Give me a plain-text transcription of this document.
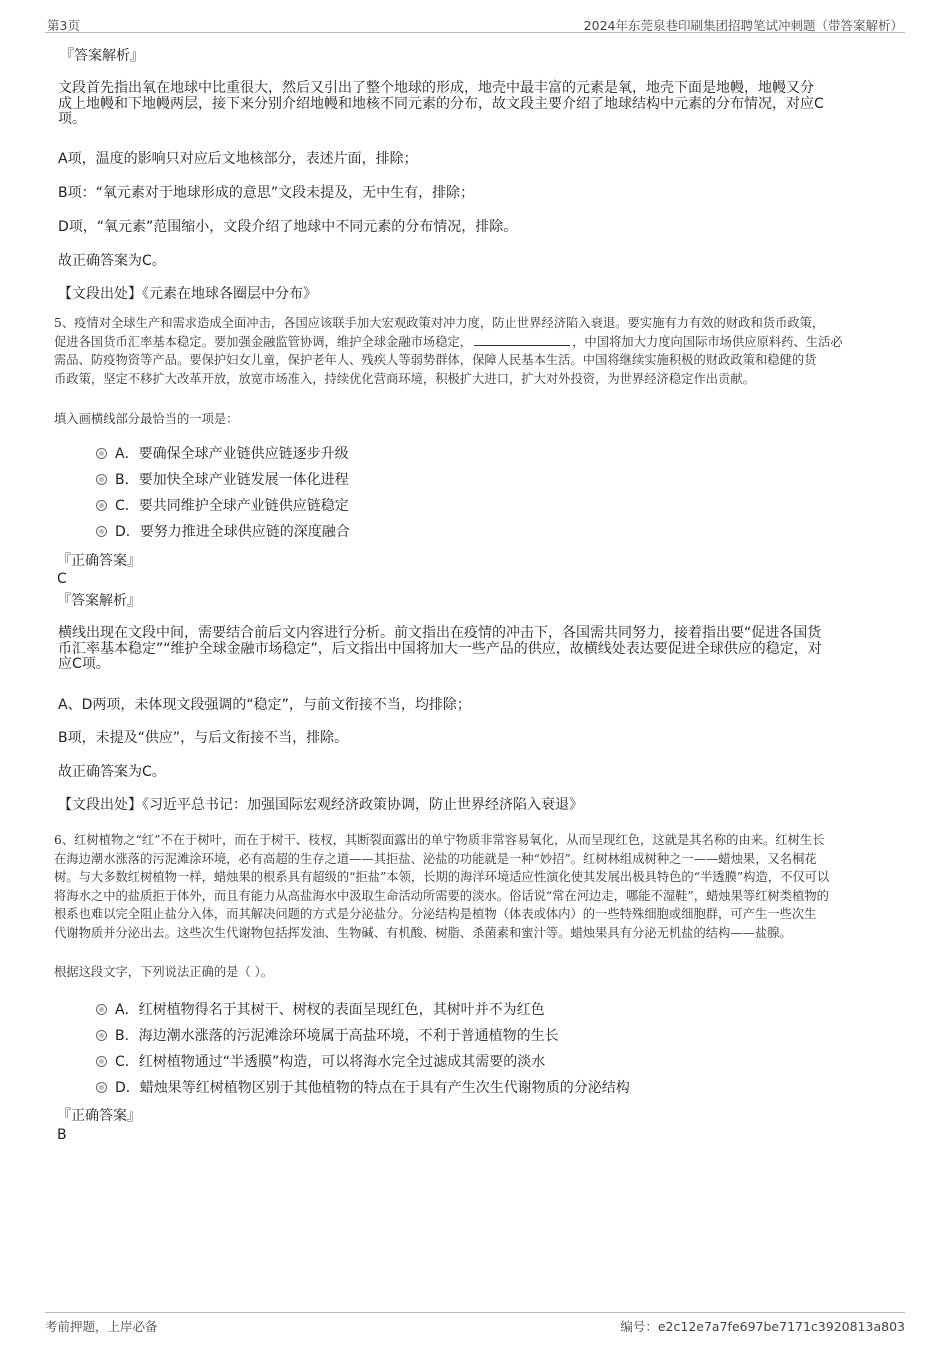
第3页	2024年东莞泉巷印刷集团招聘笔试冲刺题（带答案解析）
『答案解析』
文段首先指出氧在地球中比重很大，然后又引出了整个地球的形成，地壳中最丰富的元素是氧，地壳下面是地幔，地幔又分
成上地幔和下地幔两层，接下来分别介绍地幔和地核不同元素的分布，故文段主要介绍了地球结构中元素的分布情况，对应C
项。
A项，温度的影响只对应后文地核部分，表述片面，排除；
B项：“氧元素对于地球形成的意思”文段未提及，无中生有，排除；
D项，“氧元素”范围缩小，文段介绍了地球中不同元素的分布情况，排除。
故正确答案为C。
【文段出处】《元素在地球各圈层中分布》
5、疫情对全球生产和需求造成全面冲击，各国应该联手加大宏观政策对冲力度，防止世界经济陷入衰退。要实施有力有效的财政和货币政策，
促进各国货币汇率基本稳定。要加强金融监管协调，维护全球金融市场稳定，	，中国将加大力度向国际市场供应原料药、生活必
需品、防疫物资等产品。要保护妇女儿童，保护老年人、残疾人等弱势群体，保障人民基本生活。中国将继续实施积极的财政政策和稳健的货
币政策，坚定不移扩大改革开放，放宽市场准入，持续优化营商环境，积极扩大进口，扩大对外投资，为世界经济稳定作出贡献。
填入画横线部分最恰当的一项是：
A．要确保全球产业链供应链逐步升级
B．要加快全球产业链发展一体化进程
C．要共同维护全球产业链供应链稳定
D．要努力推进全球供应链的深度融合
『正确答案』
C
『答案解析』
横线出现在文段中间，需要结合前后文内容进行分析。前文指出在疫情的冲击下，各国需共同努力，接着指出要“促进各国货
币汇率基本稳定”“维护全球金融市场稳定”，后文指出中国将加大一些产品的供应，故横线处表达要促进全球供应的稳定，对
应C项。
A、D两项，未体现文段强调的“稳定”，与前文衔接不当，均排除；
B项，未提及“供应”，与后文衔接不当，排除。
故正确答案为C。
【文段出处】《习近平总书记：加强国际宏观经济政策协调，防止世界经济陷入衰退》
6、红树植物之“红”不在于树叶，而在于树干、枝杈，其断裂面露出的单宁物质非常容易氧化，从而呈现红色，这就是其名称的由来。红树生长
在海边潮水涨落的污泥滩涂环境，必有高超的生存之道——其拒盐、泌盐的功能就是一种“妙招”。红树林组成树种之一——蜡烛果，又名桐花
树。与大多数红树植物一样，蜡烛果的根系具有超级的“拒盐”本领，长期的海洋环境适应性演化使其发展出极具特色的“半透膜”构造，不仅可以
将海水之中的盐质拒于体外，而且有能力从高盐海水中汲取生命活动所需要的淡水。俗话说“常在河边走，哪能不湿鞋”，蜡烛果等红树类植物的
根系也难以完全阻止盐分入体，而其解决问题的方式是分泌盐分。分泌结构是植物（体表或体内）的一些特殊细胞或细胞群，可产生一些次生
代谢物质并分泌出去。这些次生代谢物包括挥发油、生物碱、有机酸、树脂、杀菌素和蜜汁等。蜡烛果具有分泌无机盐的结构——盐腺。
根据这段文字，下列说法正确的是（ ）。
A．红树植物得名于其树干、树杈的表面呈现红色，其树叶并不为红色
B．海边潮水涨落的污泥滩涂环境属于高盐环境，不利于普通植物的生长
C．红树植物通过“半透膜”构造，可以将海水完全过滤成其需要的淡水
D．蜡烛果等红树植物区别于其他植物的特点在于具有产生次生代谢物质的分泌结构
『正确答案』
B
考前押题，上岸必备	编号：e2c12e7a7fe697be7171c3920813a803
